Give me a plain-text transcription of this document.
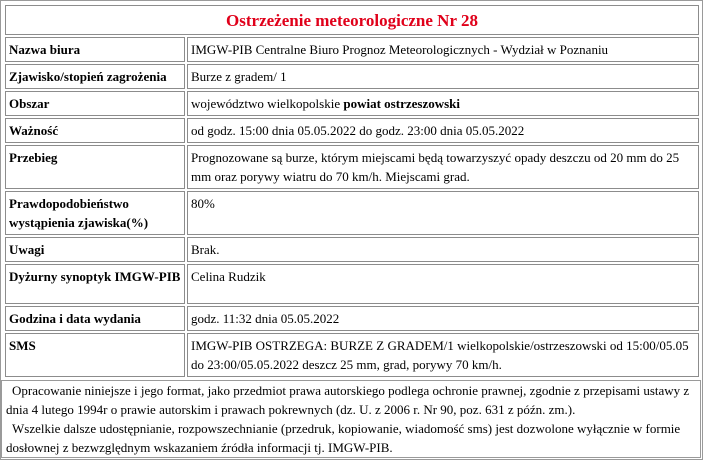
Ostrzeżenie meteorologiczne Nr 28	
Nazwa biura	IMGW-PIB Centralne Biuro Prognoz Meteorologicznych - Wydział w Poznaniu
Zjawisko/stopień zagrożenia	Burze z gradem/ 1
Obszar	województwo wielkopolskie powiat ostrzeszowski
Ważność	od godz. 15:00 dnia 05.05.2022 do godz. 23:00 dnia 05.05.2022
Przebieg	Prognozowane są burze, którym miejscami będą towarzyszyć opady deszczu od 20 mm do 25 mm oraz porywy wiatru do 70 km/h. Miejscami grad.
Prawdopodobieństwo wystąpienia zjawiska(%)	80%
Uwagi	Brak.
Dyżurny synoptyk IMGW-PIB	Celina Rudzik
Godzina i data wydania	godz. 11:32 dnia 05.05.2022
SMS	IMGW-PIB OSTRZEGA: BURZE Z GRADEM/1 wielkopolskie/ostrzeszowski od 15:00/05.05 do 23:00/05.05.2022 deszcz 25 mm, grad, porywy 70 km/h.

Opracowanie niniejsze i jego format, jako przedmiot prawa autorskiego podlega ochronie prawnej, zgodnie z przepisami ustawy z dnia 4 lutego 1994r o prawie autorskim i prawach pokrewnych (dz. U. z 2006 r. Nr 90, poz. 631 z późn. zm.).

Wszelkie dalsze udostępnianie, rozpowszechnianie (przedruk, kopiowanie, wiadomość sms) jest dozwolone wyłącznie w formie dosłownej z bezwzględnym wskazaniem źródła informacji tj. IMGW-PIB.
